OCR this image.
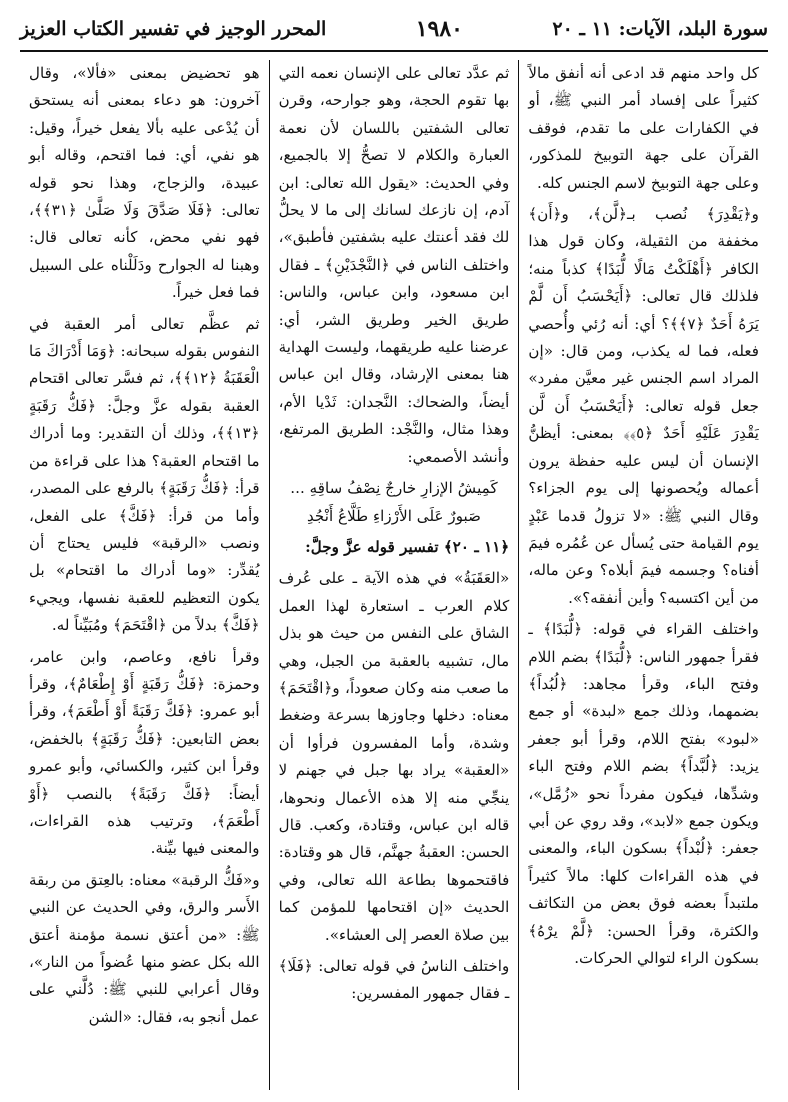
سورة البلد، الآيات: ١١ ـ ٢٠
١٩٨٠
المحرر الوجيز في تفسير الكتاب العزيز

كل واحد منهم قد ادعى أنه أنفق مالاً كثيراً على إفساد أمر النبي ﷺ، أو في الكفارات على ما تقدم، فوقف القرآن على جهة التوبيخ للمذكور، وعلى جهة التوبيخ لاسم الجنس كله.

و﴿يَقْدِرَ﴾ نُصب بـ﴿لَّن﴾، و﴿أَن﴾ مخففة من الثقيلة، وكان قول هذا الكافر ﴿أَهْلَكْتُ مَالًا لُّبَدًا﴾ كذباً منه؛ فلذلك قال تعالى: ﴿أَيَحْسَبُ أَن لَّمْ يَرَهُ أَحَدٌ ﴿٧﴾﴾؟ أي: أنه رُئي وأُحصي فعله، فما له يكذب، ومن قال: «إن المراد اسم الجنس غير معيَّن مفرد» جعل قوله تعالى: ﴿أَيَحْسَبُ أَن لَّن يَقْدِرَ عَلَيْهِ أَحَدٌ ﴿٥﴾﴾ بمعنى: أيظنُّ الإنسان أن ليس عليه حفظة يرون أعماله ويُحصونها إلى يوم الجزاء؟ وقال النبي ﷺ: «لا تزولُ قدما عَبْدٍ يوم القيامة حتى يُسأل عن عُمُره فيمَ أفناه؟ وجسمه فيمَ أبلاه؟ وعن ماله، من أين اكتسبه؟ وأين أنفقه؟».

واختلف القراء في قوله: ﴿لُّبَدًا﴾ ـ فقرأ جمهور الناس: ﴿لُّبَدًا﴾ بضم اللام وفتح الباء، وقرأ مجاهد: ﴿لُبُداً﴾ بضمهما، وذلك جمع «لبدة» أو جمع «لبود» بفتح اللام، وقرأ أبو جعفر يزيد: ﴿لُبَّداً﴾ بضم اللام وفتح الباء وشدِّها، فيكون مفرداً نحو «زُمَّل»، ويكون جمع «لابد»، وقد روي عن أبي جعفر: ﴿لُبْداً﴾ بسكون الباء، والمعنى في هذه القراءات كلها: مالاً كثيراً ملتبداً بعضه فوق بعض من التكاثف والكثرة، وقرأ الحسن: ﴿لَّمْ يرْهُ﴾ بسكون الراء لتوالي الحركات.

ثم عدَّد تعالى على الإنسان نعمه التي بها تقوم الحجة، وهو جوارحه، وقرن تعالى الشفتين باللسان لأن نعمة العبارة والكلام لا تصحُّ إلا بالجميع، وفي الحديث: «يقول الله تعالى: ابن آدم، إن نازعك لسانك إلى ما لا يحلُّ لك فقد أعنتك عليه بشفتين فأطبق»، واختلف الناس في ﴿النَّجْدَيْنِ﴾ ـ فقال ابن مسعود، وابن عباس، والناس: طريق الخير وطريق الشر، أي: عرضنا عليه طريقهما، وليست الهداية هنا بمعنى الإرشاد، وقال ابن عباس أيضاً، والضحاك: النَّجدان: ثَدْيا الأم، وهذا مثال، والنَّجْد: الطريق المرتفع، وأنشد الأصمعي:

كَمِيشُ الإزارِ خارجٌ نِصْفُ ساقِهِ ... صَبورٌ عَلَى الأَرْزاءِ طَلَّاعُ أَنْجُدِ

﴿١١ ـ ٢٠﴾ تفسير قوله عزَّ وجلَّ:

«العَقَبَةُ» في هذه الآية ـ على عُرف كلام العرب ـ استعارة لهذا العمل الشاق على النفس من حيث هو بذل مال، تشبيه بالعقبة من الجبل، وهي ما صعب منه وكان صعوداً، و﴿اقْتَحَمَ﴾ معناه: دخلها وجاوزها بسرعة وضغط وشدة، وأما المفسرون فرأوا أن «العقبة» يراد بها جبل في جهنم لا ينجِّي منه إلا هذه الأعمال ونحوها، قاله ابن عباس، وقتادة، وكعب. قال الحسن: العقبةُ جهنَّم، قال هو وقتادة: فاقتحموها بطاعة الله تعالى، وفي الحديث «إن اقتحامها للمؤمن كما بين صلاة العصر إلى العشاء».

واختلف الناسُ في قوله تعالى: ﴿فَلَا﴾ ـ فقال جمهور المفسرين:

هو تحضيض بمعنى «فألا»، وقال آخرون: هو دعاء بمعنى أنه يستحق أن يُدْعى عليه بألا يفعل خيراً، وقيل: هو نفي، أي: فما اقتحم، وقاله أبو عبيدة، والزجاج، وهذا نحو قوله تعالى: ﴿فَلَا صَدَّقَ وَلَا صَلَّىٰ ﴿٣١﴾﴾، فهو نفي محض، كأنه تعالى قال: وهبنا له الجوارح ودَلَلْناه على السبيل فما فعل خيراً.

ثم عظَّم تعالى أمر العقبة في النفوس بقوله سبحانه: ﴿وَمَا أَدْرَاكَ مَا الْعَقَبَةُ ﴿١٢﴾﴾، ثم فسَّر تعالى اقتحام العقبة بقوله عزَّ وجلَّ: ﴿فَكُّ رَقَبَةٍ ﴿١٣﴾﴾، وذلك أن التقدير: وما أدراك ما اقتحام العقبة؟ هذا على قراءة من قرأ: ﴿فَكُّ رَقَبَةٍ﴾ بالرفع على المصدر، وأما من قرأ: ﴿فَكَّ﴾ على الفعل، ونصب «الرقبة» فليس يحتاج أن يُقدِّر: «وما أدراك ما اقتحام» بل يكون التعظيم للعقبة نفسها، ويجيء ﴿فَكَّ﴾ بدلاً من ﴿اقْتَحَمَ﴾ ومُبَيِّناً له.

وقرأ نافع، وعاصم، وابن عامر، وحمزة: ﴿فَكُّ رَقَبَةٍ أَوْ إِطْعَامٌ﴾، وقرأ أبو عمرو: ﴿فَكَّ رَقَبَةً أَوْ أَطْعَمَ﴾، وقرأ بعض التابعين: ﴿فَكُّ رَقَبَةٍ﴾ بالخفض، وقرأ ابن كثير، والكسائي، وأبو عمرو أيضاً: ﴿فَكَّ رَقَبَةً﴾ بالنصب ﴿أَوْ أَطْعَمَ﴾، وترتيب هذه القراءات، والمعنى فيها بيِّنة.

و«فَكُّ الرقبة» معناه: بالعِتق من ربقة الأَسر والرق، وفي الحديث عن النبي ﷺ: «من أعتق نسمة مؤمنة أعتق الله بكل عضو منها عُضواً من النار»، وقال أعرابي للنبي ﷺ: دُلَّني على عمل أنجو به، فقال: «الشن
